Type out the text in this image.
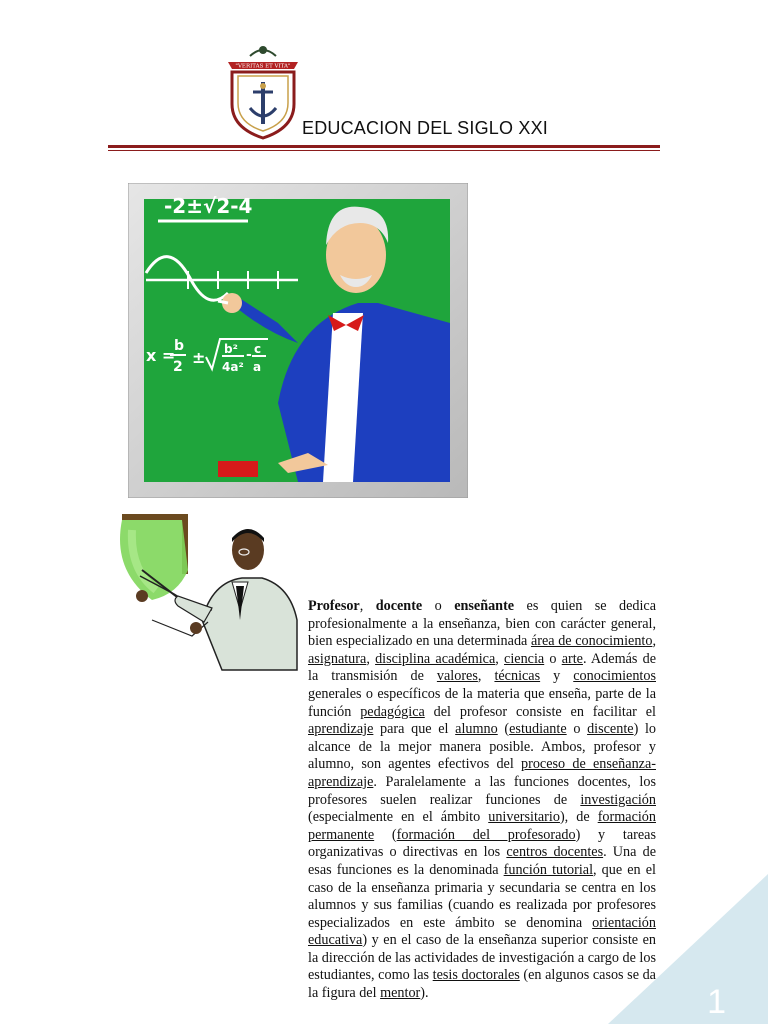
"VERITAS ET VITA"
EDUCACION DEL SIGLO XXI
-2±√2-4
x =
b
2 ± b²
4a²
- c
a

Profesor, docente o enseñante es quien se dedica profesionalmente a la enseñanza, bien con carácter general, bien especializado en una determinada área de conocimiento, asignatura, disciplina académica, ciencia o arte. Además de la transmisión de valores, técnicas y conocimientos generales o específicos de la materia que enseña, parte de la función pedagógica del profesor consiste en facilitar el aprendizaje para que el alumno (estudiante o discente) lo alcance de la mejor manera posible. Ambos, profesor y alumno, son agentes efectivos del proceso de enseñanza-aprendizaje. Paralelamente a las funciones docentes, los profesores suelen realizar funciones de investigación (especialmente en el ámbito universitario), de formación permanente (formación del profesorado) y tareas organizativas o directivas en los centros docentes. Una de esas funciones es la denominada función tutorial, que en el caso de la enseñanza primaria y secundaria se centra en los alumnos y sus familias (cuando es realizada por profesores especializados en este ámbito se denomina orientación educativa) y en el caso de la enseñanza superior consiste en la dirección de las actividades de investigación a cargo de los estudiantes, como las tesis doctorales (en algunos casos se da la figura del mentor).	1
